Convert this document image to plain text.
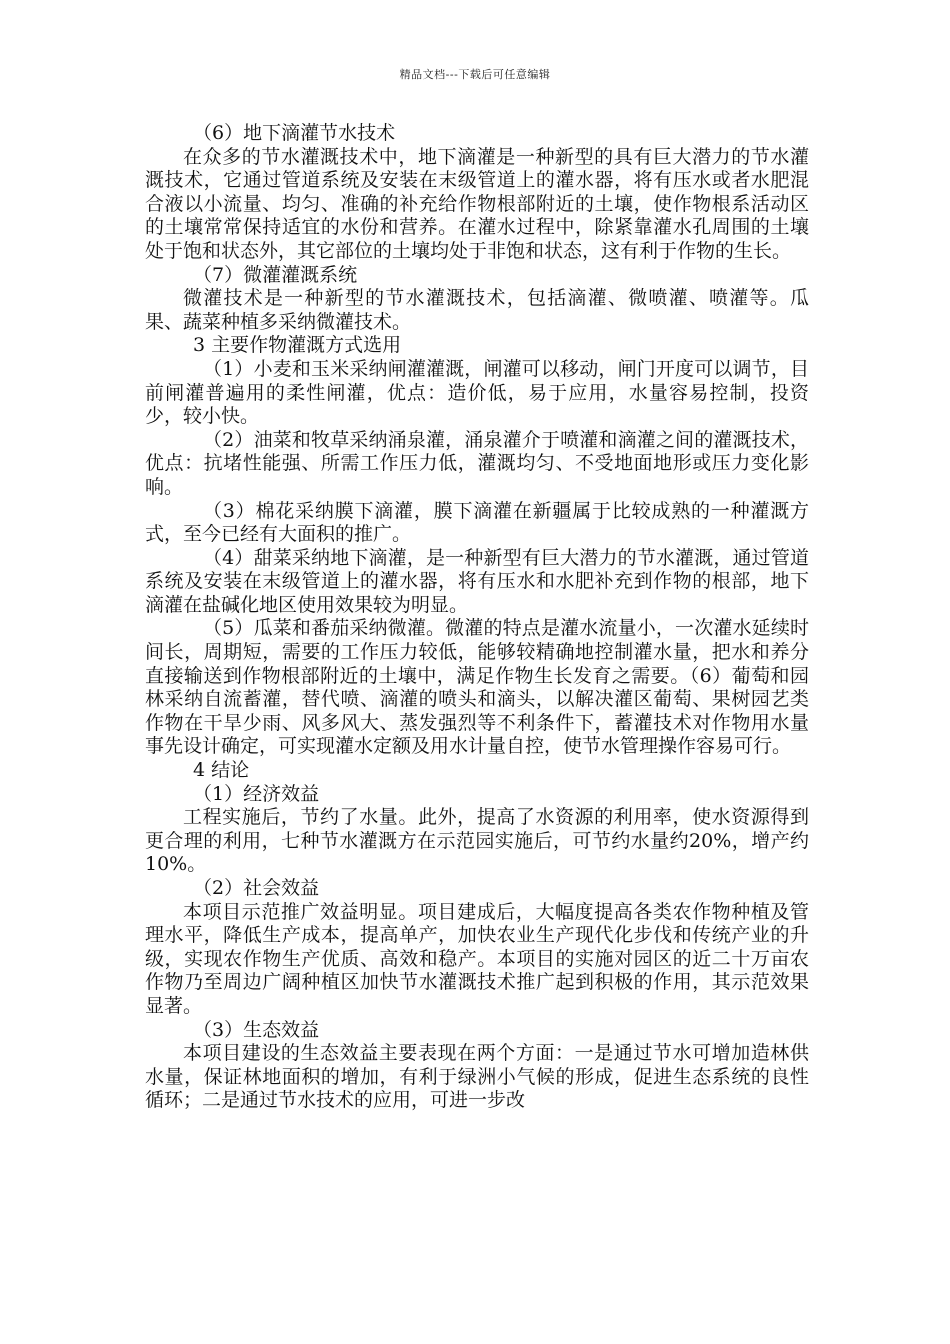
精品文档---下载后可任意编辑

（6）地下滴灌节水技术

在众多的节水灌溉技术中，地下滴灌是一种新型的具有巨大潜力的节水灌溉技术，它通过管道系统及安装在末级管道上的灌水器，将有压水或者水肥混合液以小流量、均匀、准确的补充给作物根部附近的土壤，使作物根系活动区的土壤常常保持适宜的水份和营养。在灌水过程中，除紧靠灌水孔周围的土壤处于饱和状态外，其它部位的土壤均处于非饱和状态，这有利于作物的生长。

（7）微灌灌溉系统

微灌技术是一种新型的节水灌溉技术，包括滴灌、微喷灌、喷灌等。瓜果、蔬菜种植多采纳微灌技术。

3 主要作物灌溉方式选用

（1）小麦和玉米采纳闸灌灌溉，闸灌可以移动，闸门开度可以调节，目前闸灌普遍用的柔性闸灌，优点：造价低，易于应用，水量容易控制，投资少，较小快。

（2）油菜和牧草采纳涌泉灌，涌泉灌介于喷灌和滴灌之间的灌溉技术，优点：抗堵性能强、所需工作压力低，灌溉均匀、不受地面地形或压力变化影响。

（3）棉花采纳膜下滴灌，膜下滴灌在新疆属于比较成熟的一种灌溉方式，至今已经有大面积的推广。

（4）甜菜采纳地下滴灌，是一种新型有巨大潜力的节水灌溉，通过管道系统及安装在末级管道上的灌水器，将有压水和水肥补充到作物的根部，地下滴灌在盐碱化地区使用效果较为明显。

（5）瓜菜和番茄采纳微灌。微灌的特点是灌水流量小，一次灌水延续时间长，周期短，需要的工作压力较低，能够较精确地控制灌水量，把水和养分直接输送到作物根部附近的土壤中，满足作物生长发育之需要。（6）葡萄和园林采纳自流蓄灌，替代喷、滴灌的喷头和滴头，以解决灌区葡萄、果树园艺类作物在干旱少雨、风多风大、蒸发强烈等不利条件下，蓄灌技术对作物用水量事先设计确定，可实现灌水定额及用水计量自控，使节水管理操作容易可行。

4 结论

（1）经济效益

工程实施后，节约了水量。此外，提高了水资源的利用率，使水资源得到更合理的利用，七种节水灌溉方在示范园实施后，可节约水量约20%，增产约10%。

（2）社会效益

本项目示范推广效益明显。项目建成后，大幅度提高各类农作物种植及管理水平，降低生产成本，提高单产，加快农业生产现代化步伐和传统产业的升级，实现农作物生产优质、高效和稳产。本项目的实施对园区的近二十万亩农作物乃至周边广阔种植区加快节水灌溉技术推广起到积极的作用，其示范效果显著。

（3）生态效益

本项目建设的生态效益主要表现在两个方面：一是通过节水可增加造林供水量，保证林地面积的增加，有利于绿洲小气候的形成，促进生态系统的良性循环；二是通过节水技术的应用，可进一步改
